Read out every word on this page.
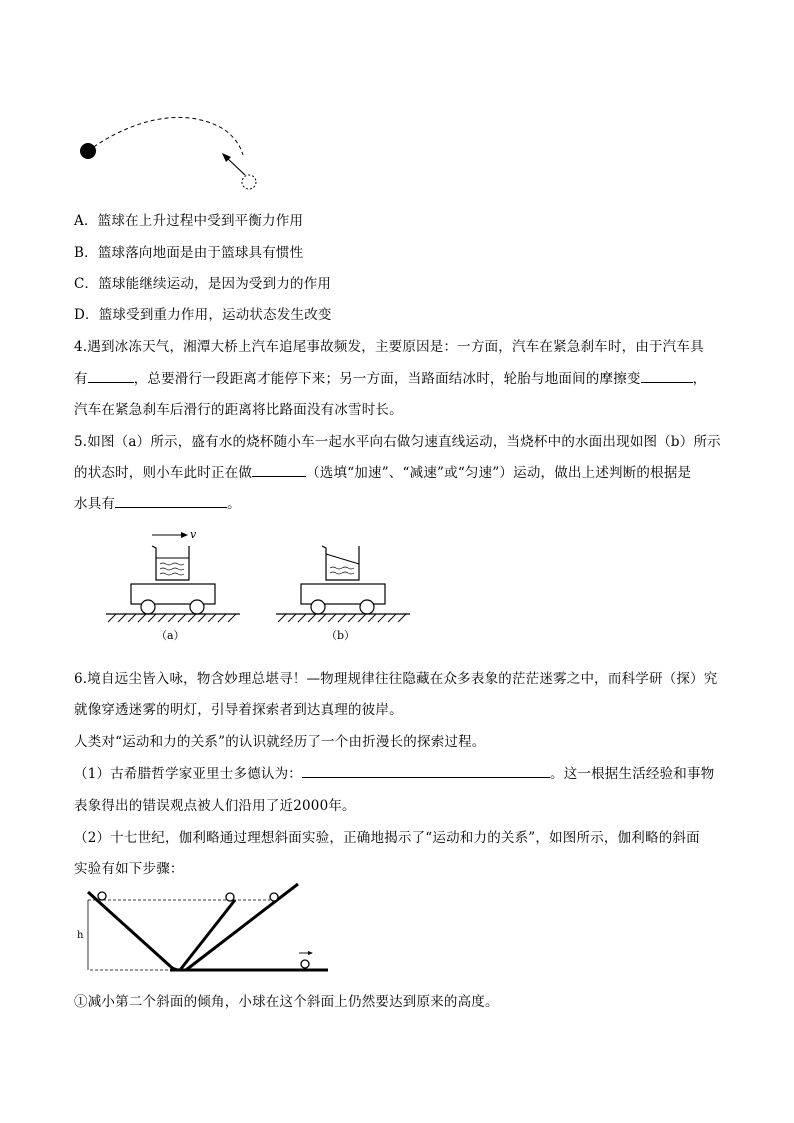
A．篮球在上升过程中受到平衡力作用
B．篮球落向地面是由于篮球具有惯性
C．篮球能继续运动，是因为受到力的作用
D．篮球受到重力作用，运动状态发生改变
4.遇到冰冻天气，湘潭大桥上汽车追尾事故频发，主要原因是：一方面，汽车在紧急刹车时，由于汽车具
有	，总要滑行一段距离才能停下来；另一方面，当路面结冰时，轮胎与地面间的摩擦变	，
汽车在紧急刹车后滑行的距离将比路面没有冰雪时长。
5.如图（a）所示，盛有水的烧杯随小车一起水平向右做匀速直线运动，当烧杯中的水面出现如图（b）所示
的状态时，则小车此时正在做	（选填“加速”、“减速”或“匀速”）运动，做出上述判断的根据是
水具有	。
v
（a）	（b）
6.境自远尘皆入咏，物含妙理总堪寻！—物理规律往往隐藏在众多表象的茫茫迷雾之中，而科学研（探）究
就像穿透迷雾的明灯，引导着探索者到达真理的彼岸。
人类对“运动和力的关系”的认识就经历了一个由折漫长的探索过程。
（1）古希腊哲学家亚里士多德认为：	。这一根据生活经验和事物
表象得出的错误观点被人们沿用了近2000年。
（2）十七世纪，伽利略通过理想斜面实验，正确地揭示了“运动和力的关系”，如图所示，伽利略的斜面
实验有如下步骤：
h
①减小第二个斜面的倾角，小球在这个斜面上仍然要达到原来的高度。
